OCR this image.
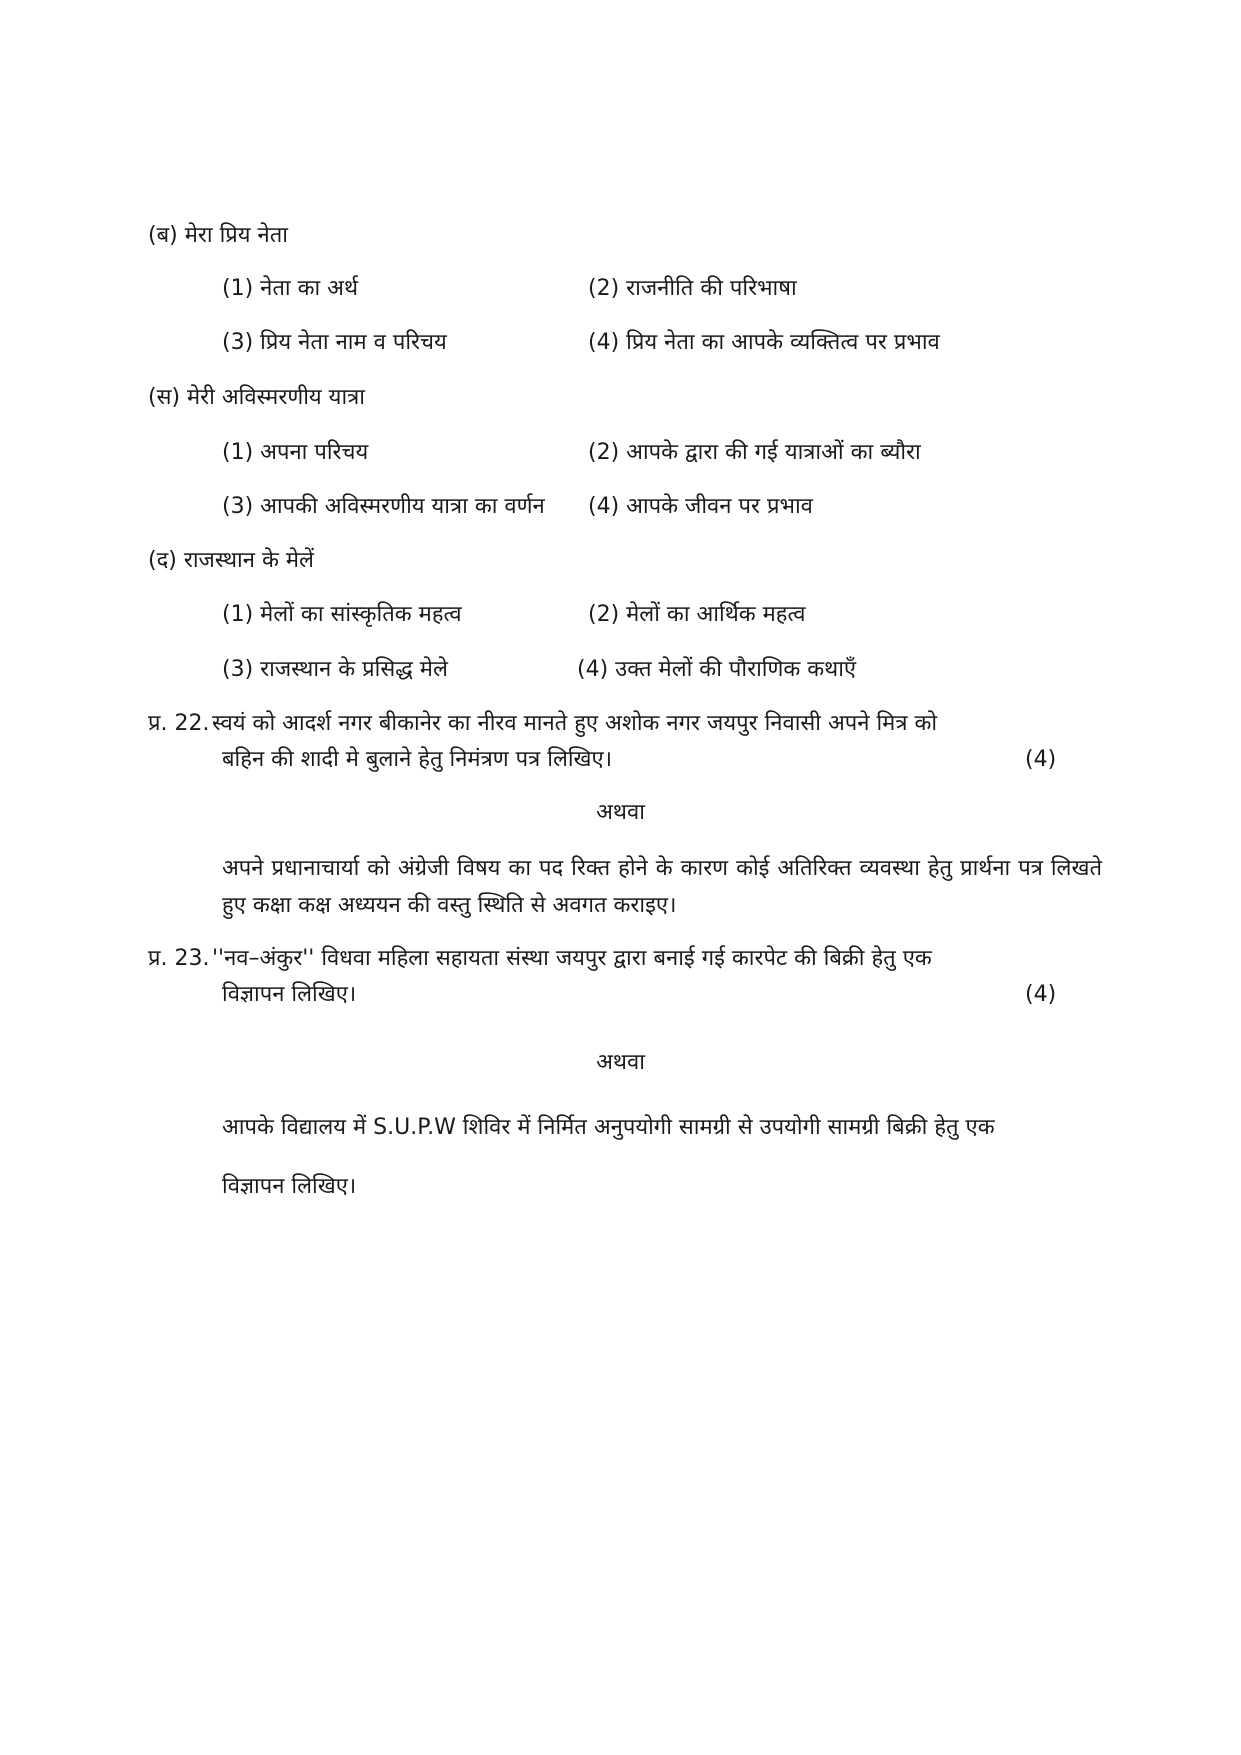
(ब) मेरा प्रिय नेता
(1) नेता का अर्थ	(2) राजनीति की परिभाषा
(3) प्रिय नेता नाम व परिचय	(4) प्रिय नेता का आपके व्यक्तित्व पर प्रभाव
(स) मेरी अविस्मरणीय यात्रा
(1) अपना परिचय	(2) आपके द्वारा की गई यात्राओं का ब्यौरा
(3) आपकी अविस्मरणीय यात्रा का वर्णन (4) आपके जीवन पर प्रभाव
(द) राजस्थान के मेलें
(1) मेलों का सांस्कृतिक महत्व	(2) मेलों का आर्थिक महत्व
(3) राजस्थान के प्रसिद्ध मेले	(4) उक्त मेलों की पौराणिक कथाएँ
प्र. 22. स्वयं को आदर्श नगर बीकानेर का नीरव मानते हुए अशोक नगर जयपुर निवासी अपने मित्र को
बहिन की शादी मे बुलाने हेतु निमंत्रण पत्र लिखिए।	(4)
अथवा
अपने प्रधानाचार्या को अंग्रेजी विषय का पद रिक्त होने के कारण कोई अतिरिक्त व्यवस्था हेतु प्रार्थना पत्र लिखते हुए कक्षा कक्ष अध्ययन की वस्तु स्थिति से अवगत कराइए।
प्र. 23. ''नव–अंकुर'' विधवा महिला सहायता संस्था जयपुर द्वारा बनाई गई कारपेट की बिक्री हेतु एक
विज्ञापन लिखिए।	(4)
अथवा
आपके विद्यालय में S.U.P.W शिविर में निर्मित अनुपयोगी सामग्री से उपयोगी सामग्री बिक्री हेतु एक
विज्ञापन लिखिए।
